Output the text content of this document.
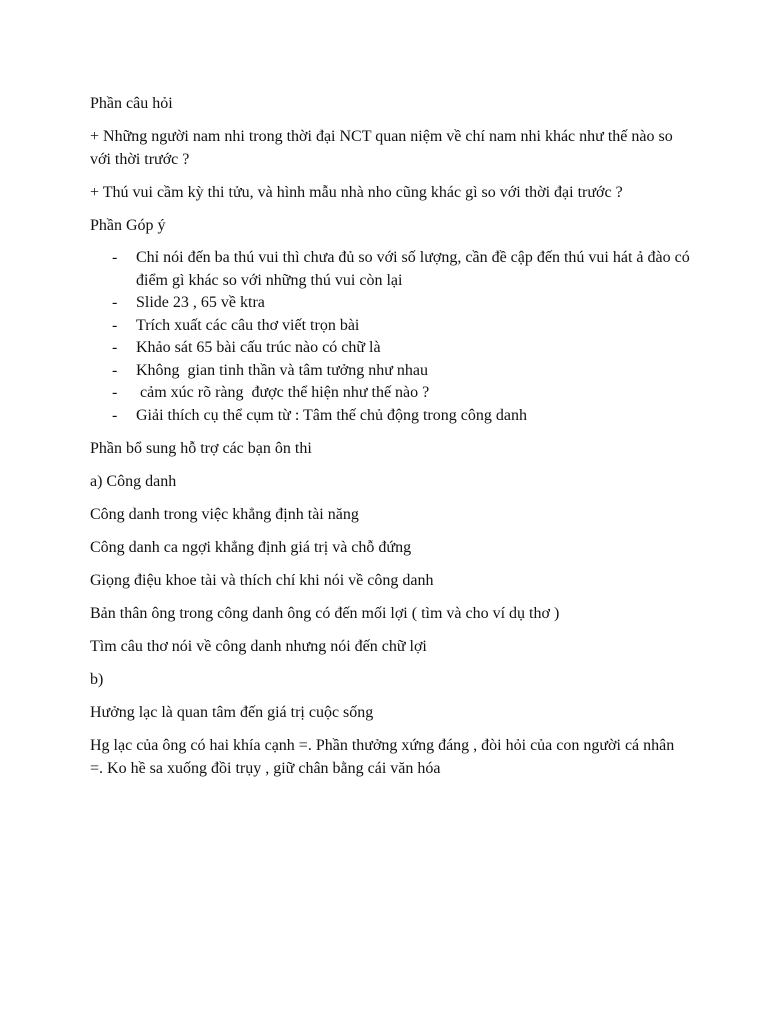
Phần câu hỏi

+ Những người nam nhi trong thời đại NCT quan niệm về chí nam nhi khác như thế nào so với thời trước ?

+ Thú vui cầm kỳ thi tửu, và hình mẫu nhà nho cũng khác gì so với thời đại trước ?

Phần Góp ý

- Chỉ nói đến ba thú vui thì chưa đủ so với số lượng, cần đề cập đến thú vui hát ả đào có điểm gì khác so với những thú vui còn lại
- Slide 23 , 65 về ktra
- Trích xuất các câu thơ viết trọn bài
- Khảo sát 65 bài cấu trúc nào có chữ là
- Không  gian tinh thần và tâm tưởng như nhau
- cảm xúc rõ ràng  được thể hiện như thế nào ?
- Giải thích cụ thể cụm từ : Tâm thế chủ động trong công danh

Phần bổ sung hỗ trợ các bạn ôn thi

a) Công danh

Công danh trong việc khẳng định tài năng

Công danh ca ngợi khẳng định giá trị và chỗ đứng

Giọng điệu khoe tài và thích chí khi nói về công danh

Bản thân ông trong công danh ông có đến mối lợi ( tìm và cho ví dụ thơ )

Tìm câu thơ nói về công danh nhưng nói đến chữ lợi

b)

Hưởng lạc là quan tâm đến giá trị cuộc sống

Hg lạc của ông có hai khía cạnh =. Phần thưởng xứng đáng , đòi hỏi của con người cá nhân =. Ko hề sa xuống đồi trụy , giữ chân bằng cái văn hóa
